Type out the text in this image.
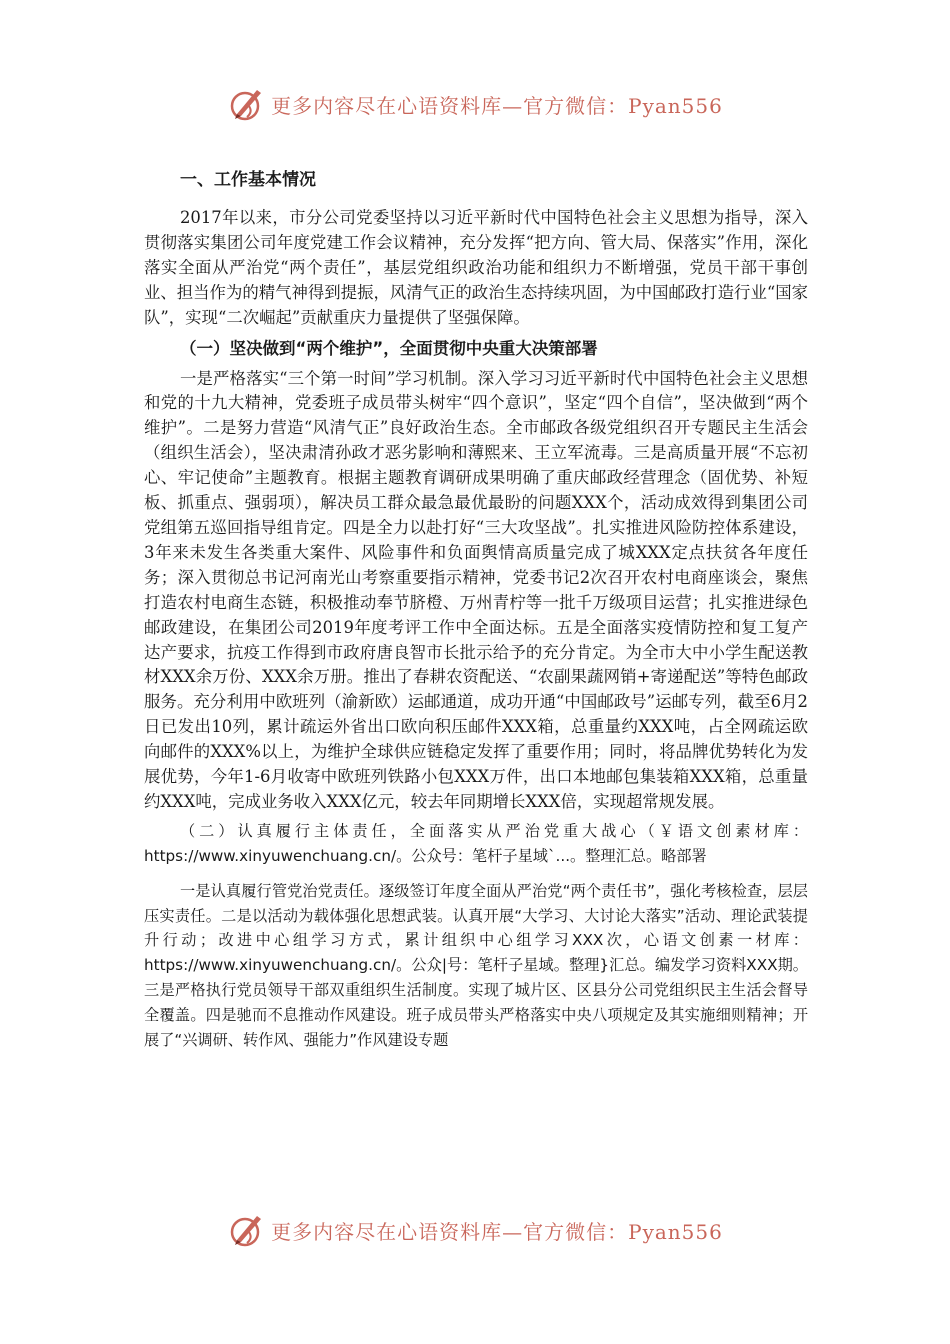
更多内容尽在心语资料库—官方微信：Pyan556
一、工作基本情况

2017年以来，市分公司党委坚持以习近平新时代中国特色社会主义思想为指导，深入贯彻落实集团公司年度党建工作会议精神，充分发挥“把方向、管大局、保落实”作用，深化落实全面从严治党“两个责任”，基层党组织政治功能和组织力不断增强，党员干部干事创业、担当作为的精气神得到提振，风清气正的政治生态持续巩固，为中国邮政打造行业“国家队”，实现“二次崛起”贡献重庆力量提供了坚强保障。

（一）坚决做到“两个维护”，全面贯彻中央重大决策部署

一是严格落实“三个第一时间”学习机制。深入学习习近平新时代中国特色社会主义思想和党的十九大精神，党委班子成员带头树牢“四个意识”，坚定“四个自信”，坚决做到“两个维护”。二是努力营造“风清气正”良好政治生态。全市邮政各级党组织召开专题民主生活会（组织生活会），坚决肃清孙政才恶劣影响和薄熙来、王立军流毒。三是高质量开展“不忘初心、牢记使命”主题教育。根据主题教育调研成果明确了重庆邮政经营理念（固优势、补短板、抓重点、强弱项），解决员工群众最急最优最盼的问题XXX个，活动成效得到集团公司党组第五巡回指导组肯定。四是全力以赴打好“三大攻坚战”。扎实推进风险防控体系建设，3年来未发生各类重大案件、风险事件和负面舆情高质量完成了城XXX定点扶贫各年度任务；深入贯彻总书记河南光山考察重要指示精神，党委书记2次召开农村电商座谈会，聚焦打造农村电商生态链，积极推动奉节脐橙、万州青柠等一批千万级项目运营；扎实推进绿色邮政建设，在集团公司2019年度考评工作中全面达标。五是全面落实疫情防控和复工复产达产要求，抗疫工作得到市政府唐良智市长批示给予的充分肯定。为全市大中小学生配送教材XXX余万份、XXX余万册。推出了春耕农资配送、“农副果蔬网销+寄递配送”等特色邮政服务。充分利用中欧班列（渝新欧）运邮通道，成功开通“中国邮政号”运邮专列，截至6月2日已发出10列，累计疏运外省出口欧向积压邮件XXX箱，总重量约XXX吨，占全网疏运欧向邮件的XXX%以上，为维护全球供应链稳定发挥了重要作用；同时，将品牌优势转化为发展优势，今年1-6月收寄中欧班列铁路小包XXX万件，出口本地邮包集装箱XXX箱，总重量约XXX吨，完成业务收入XXX亿元，较去年同期增长XXX倍，实现超常规发展。

（二）认真履行主体责任，全面落实从严治党重大战心（￥语文创素材库：https://www.xinyuwenchuang.cn/。公众号：笔杆子星域`...。整理汇总。略部署

一是认真履行管党治党责任。逐级签订年度全面从严治党“两个责任书”，强化考核检查，层层压实责任。二是以活动为载体强化思想武装。认真开展“大学习、大讨论大落实”活动、理论武装提升行动；改进中心组学习方式，累计组织中心组学习XXX次，心语文创素一材库：https://www.xinyuwenchuang.cn/。公众|号：笔杆子星域。整理}汇总。编发学习资料XXX期。三是严格执行党员领导干部双重组织生活制度。实现了城片区、区县分公司党组织民主生活会督导全覆盖。四是驰而不息推动作风建设。班子成员带头严格落实中央八项规定及其实施细则精神；开展了“兴调研、转作风、强能力”作风建设专题

更多内容尽在心语资料库—官方微信：Pyan556
